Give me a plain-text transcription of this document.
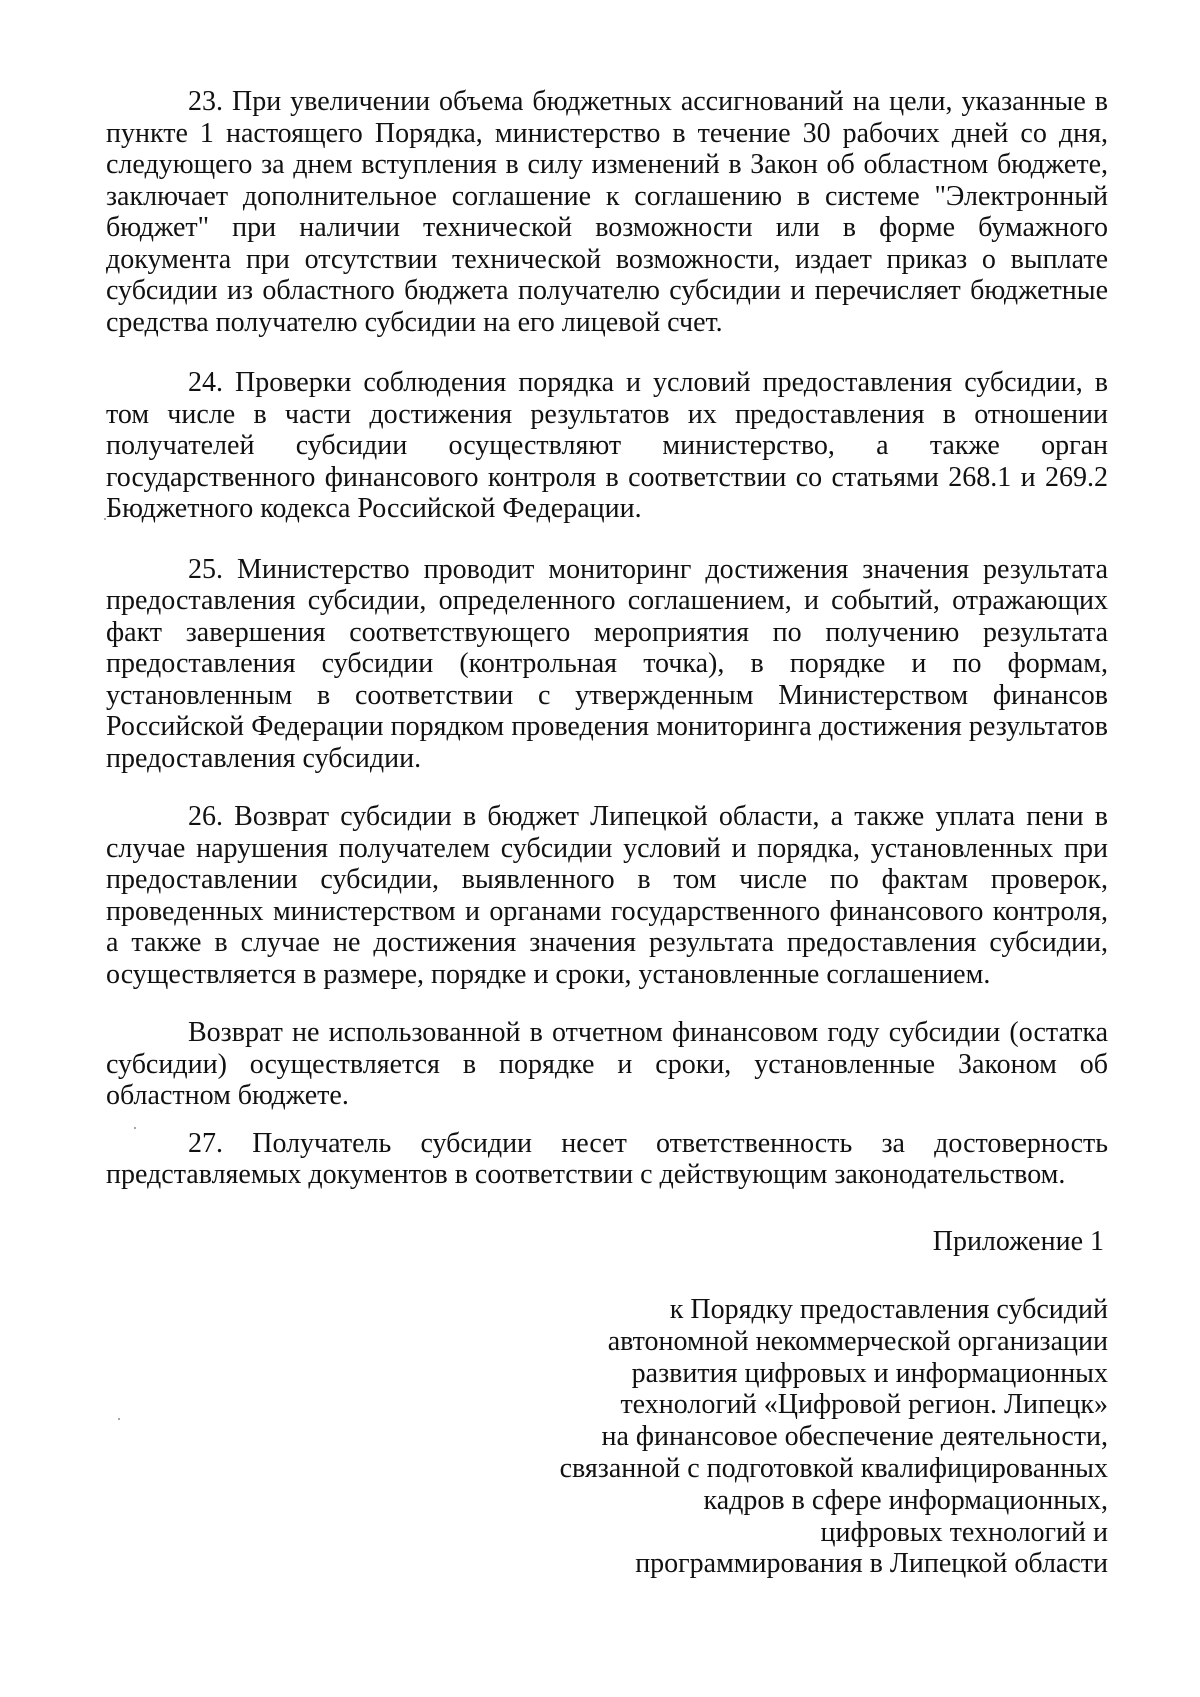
23. При увеличении объема бюджетных ассигнований на цели, указанные в пункте 1 настоящего Порядка, министерство в течение 30 рабочих дней со дня, следующего за днем вступления в силу изменений в Закон об областном бюджете, заключает дополнительное соглашение к соглашению в системе "Электронный бюджет" при наличии технической возможности или в форме бумажного документа при отсутствии технической возможности, издает приказ о выплате субсидии из областного бюджета получателю субсидии и перечисляет бюджетные средства получателю субсидии на его лицевой счет.

24. Проверки соблюдения порядка и условий предоставления субсидии, в том числе в части достижения результатов их предоставления в отношении получателей субсидии осуществляют министерство, а также орган государственного финансового контроля в соответствии со статьями 268.1 и 269.2 Бюджетного кодекса Российской Федерации.

25. Министерство проводит мониторинг достижения значения результата предоставления субсидии, определенного соглашением, и событий, отражающих факт завершения соответствующего мероприятия по получению результата предоставления субсидии (контрольная точка), в порядке и по формам, установленным в соответствии с утвержденным Министерством финансов Российской Федерации порядком проведения мониторинга достижения результатов предоставления субсидии.

26. Возврат субсидии в бюджет Липецкой области, а также уплата пени в случае нарушения получателем субсидии условий и порядка, установленных при предоставлении субсидии, выявленного в том числе по фактам проверок, проведенных министерством и органами государственного финансового контроля, а также в случае не достижения значения результата предоставления субсидии, осуществляется в размере, порядке и сроки, установленные соглашением.

Возврат не использованной в отчетном финансовом году субсидии (остатка субсидии) осуществляется в порядке и сроки, установленные Законом об областном бюджете.

27. Получатель субсидии несет ответственность за достоверность представляемых документов в соответствии с действующим законодательством.

Приложение 1

к Порядку предоставления субсидий
автономной некоммерческой организации
развития цифровых и информационных
технологий «Цифровой регион. Липецк»
на финансовое обеспечение деятельности,
связанной с подготовкой квалифицированных
кадров в сфере информационных,
цифровых технологий и
программирования в Липецкой области
